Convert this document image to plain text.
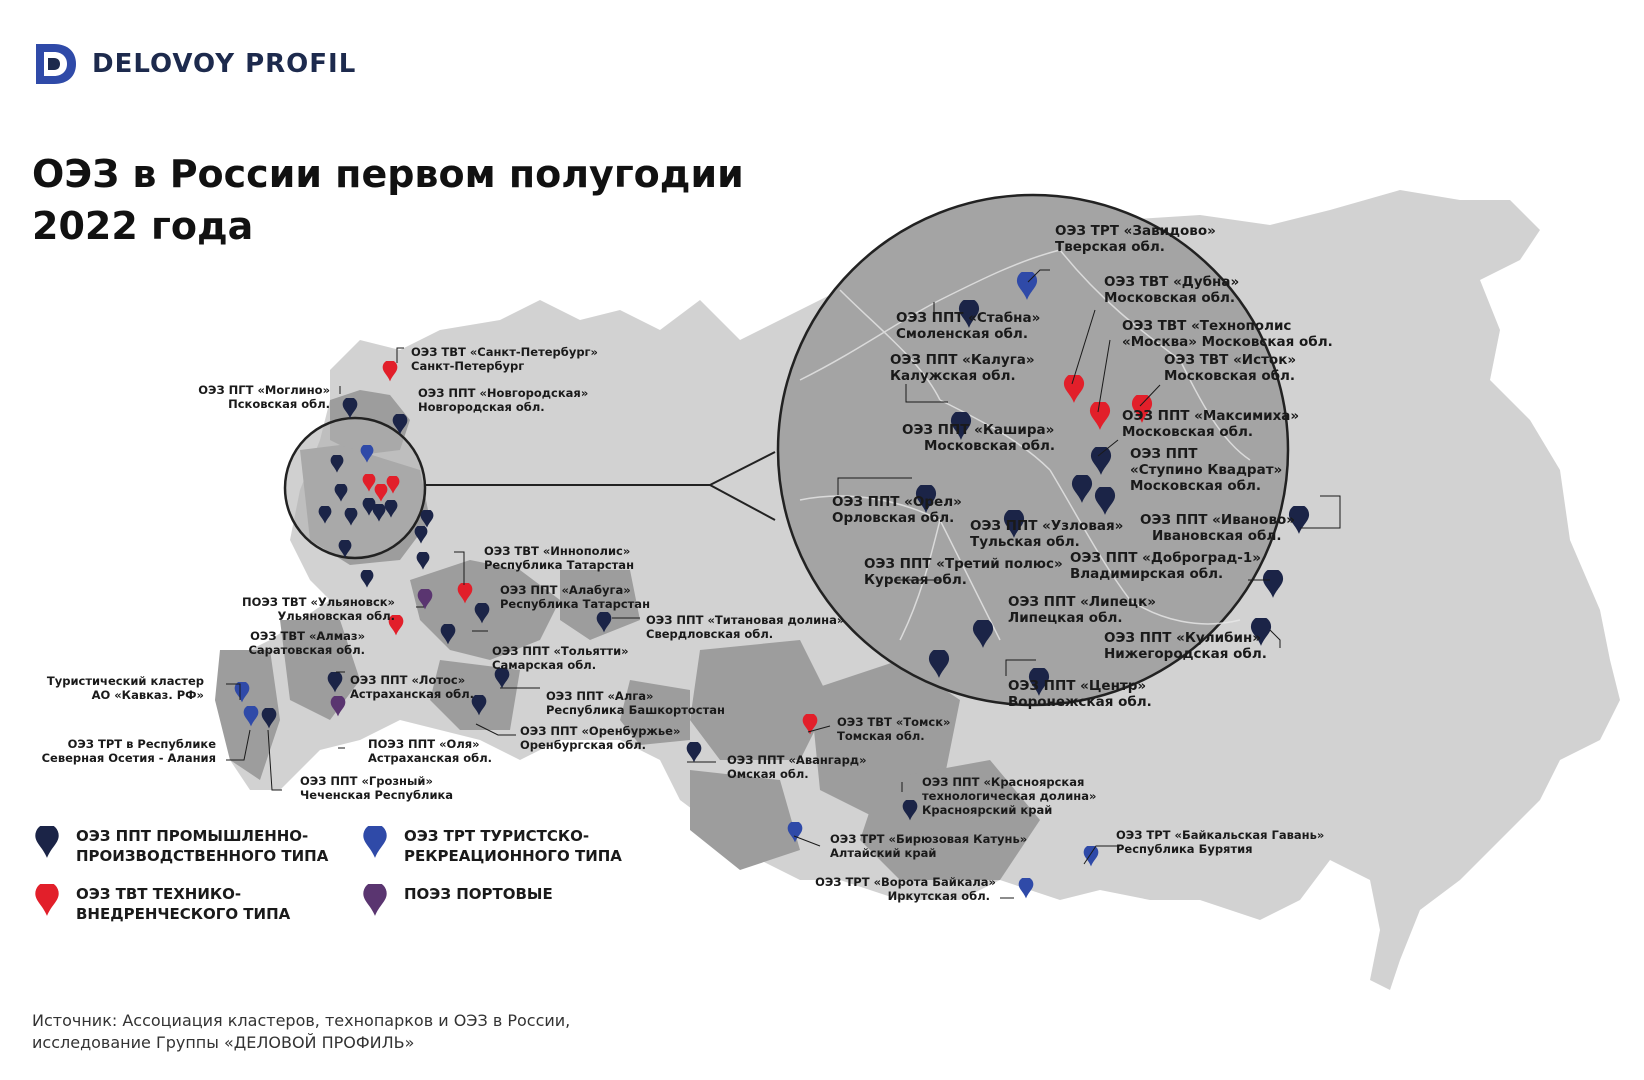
ОЭЗ ТВТ «Санкт-Петербург» Санкт-Петербург
ОЭЗ ПГТ «Моглино» Псковская обл.
ОЭЗ ППТ «Новгородская» Новгородская обл.
ОЭЗ ТВТ «Иннополис» Республика Татарстан
ОЭЗ ППТ «Алабуга» Республика Татарстан
ПОЭЗ ТВТ «Ульяновск» Ульяновская обл.	ОЭЗ ППТ «Титановая долина» Свердловская обл.
ОЭЗ ТВТ «Алмаз» Саратовская обл.	ОЭЗ ППТ «Тольятти» Самарская обл.
Туристический кластер АО «Кавказ. РФ»
ОЭЗ ППТ «Лотос» Астраханская обл.	ОЭЗ ППТ «Алга» Республика Башкортостан
ОЭЗ ППТ «Оренбуржье» Оренбургская обл.
ОЭЗ ТРТ в Республике Северная Осетия - Алания
ПОЭЗ ППТ «Оля» Астраханская обл.
ОЭЗ ППТ «Грозный» Чеченская Республика
ОЭЗ ТВТ «Томск» Томская обл.
ОЭЗ ППТ «Авангард» Омская обл.
ОЭЗ ППТ «Красноярская технологическая долина» Красноярский край
ОЭЗ ТРТ «Бирюзовая Катунь» Алтайский край
ОЭЗ ТРТ «Байкальская Гавань» Республика Бурятия
ОЭЗ ТРТ «Ворота Байкала» Иркутская обл.
ОЭЗ ТРТ «Завидово» Тверская обл.
ОЭЗ ТВТ «Дубна» Московская обл.
ОЭЗ ППТ «Стабна» Смоленская обл.	ОЭЗ ТВТ «Технополис «Москва» Московская обл.
ОЭЗ ППТ «Калуга» Калужская обл.
ОЭЗ ТВТ «Исток» Московская обл.
ОЭЗ ППТ «Максимиха» Московская обл.
ОЭЗ ППТ «Кашира» Московская обл.	ОЭЗ ППТ «Ступино Квадрат» Московская обл.
ОЭЗ ППТ «Орел» Орловская обл.	ОЭЗ ППТ «Узловая» Тульская обл.
ОЭЗ ППТ «Иваново» Ивановская обл.
ОЭЗ ППТ «Третий полюс» Курская обл.
ОЭЗ ППТ «Доброград-1» Владимирская обл.
ОЭЗ ППТ «Липецк» Липецкая обл.
ОЭЗ ППТ «Кулибин» Нижегородская обл.
ОЭЗ ППТ «Центр» Воронежская обл.
DELOVOY PROFIL
ОЭЗ в России первом полугодии
2022 года
ОЭЗ ППТ ПРОМЫШЛЕННО-
ПРОИЗВОДСТВЕННОГО ТИПА
ОЭЗ ТРТ ТУРИСТСКО-
РЕКРЕАЦИОННОГО ТИПА
ОЭЗ ТВТ ТЕХНИКО-
ВНЕДРЕНЧЕСКОГО ТИПА
ПОЭЗ ПОРТОВЫЕ
Источник: Ассоциация кластеров, технопарков и ОЭЗ в России,
исследование Группы «ДЕЛОВОЙ ПРОФИЛЬ»
